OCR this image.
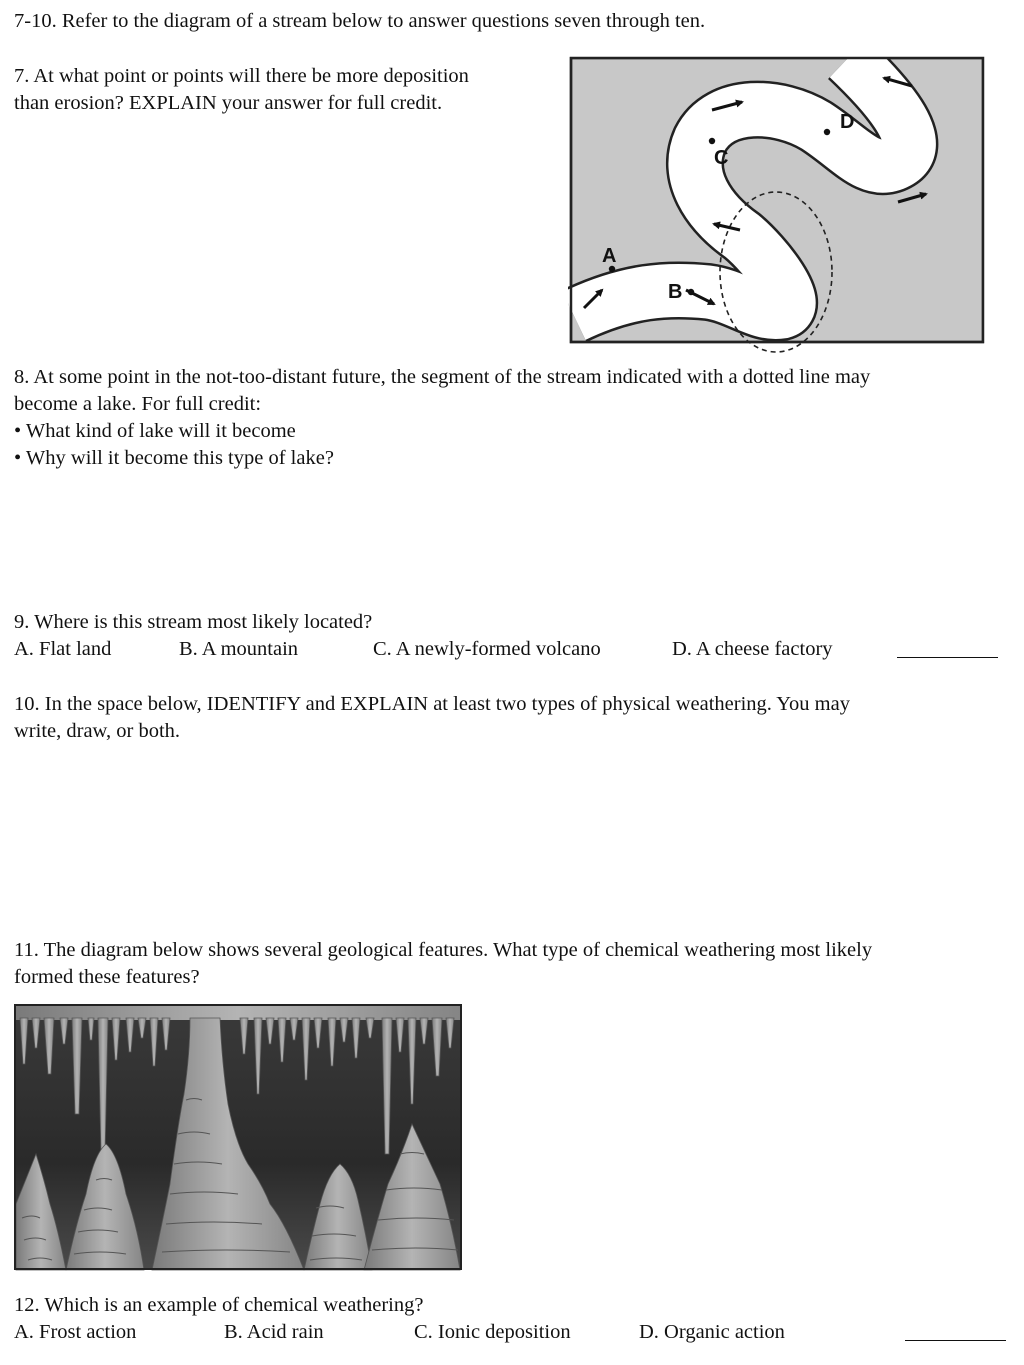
7-10. Refer to the diagram of a stream below to answer questions seven through ten.
7. At what point or points will there be more deposition
than erosion? EXPLAIN your answer for full credit.
A
B
C
D
8. At some point in the not-too-distant future, the segment of the stream indicated with a dotted line may
become a lake. For full credit:
• What kind of lake will it become
• Why will it become this type of lake?
9. Where is this stream most likely located?
A. Flat land	B. A mountain	C. A newly-formed volcano	D. A cheese factory
10. In the space below, IDENTIFY and EXPLAIN at least two types of physical weathering. You may
write, draw, or both.
11. The diagram below shows several geological features. What type of chemical weathering most likely
formed these features?
12. Which is an example of chemical weathering?
A. Frost action	B. Acid rain	C. Ionic deposition	D. Organic action
